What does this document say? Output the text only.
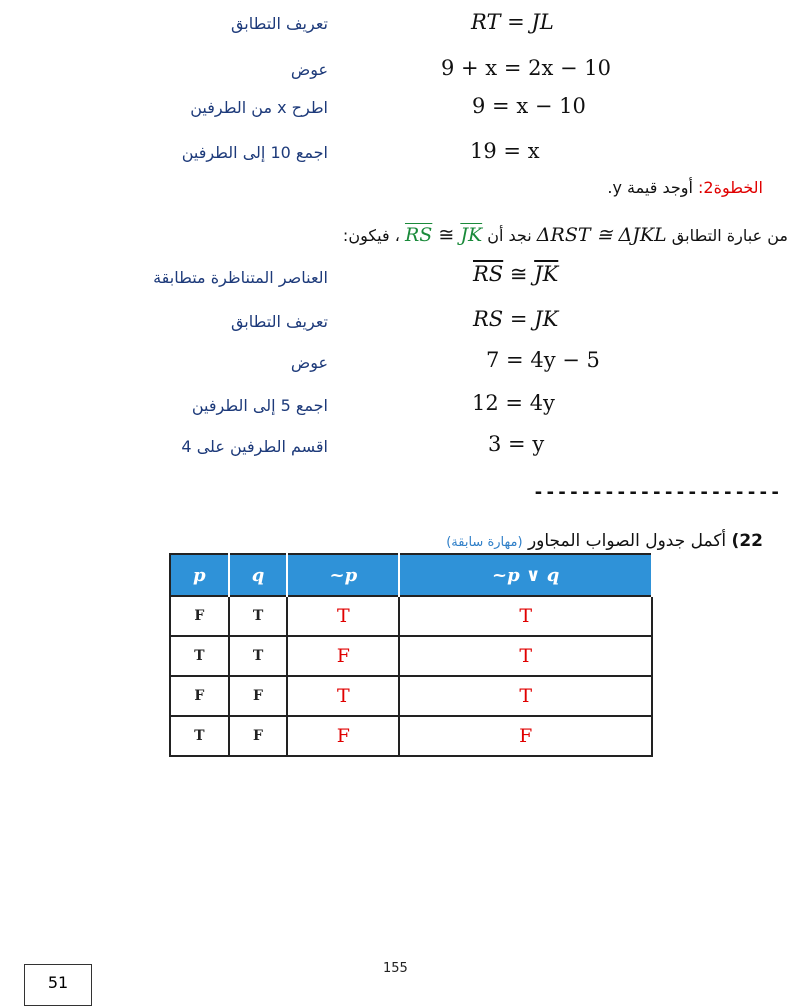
تعريف التطابق	RT = JL
عوض	9 + x = 2x − 10
اطرح x من الطرفين	9 = x − 10
اجمع 10 إلى الطرفين	19 = x
الخطوة2: أوجد قيمة y.
من عبارة التطابق ΔRST ≅ ΔJKL نجد أن $\overline{RS}$ ≅ $\overline{JK}$ ، فيكون:
العناصر المتناظرة متطابقة	$\overline{RS}$ ≅ $\overline{JK}$
تعريف التطابق	RS = JK
عوض	7 = 4y − 5
اجمع 5 إلى الطرفين	12 = 4y
اقسم الطرفين على 4	3 = y
---------------------
22) أكمل جدول الصواب المجاور (مهارة سابقة)
p	q	~p	~p ∨ q
F	T	T	T
T	T	F	T
F	F	T	T
T	F	F	F
155
51
